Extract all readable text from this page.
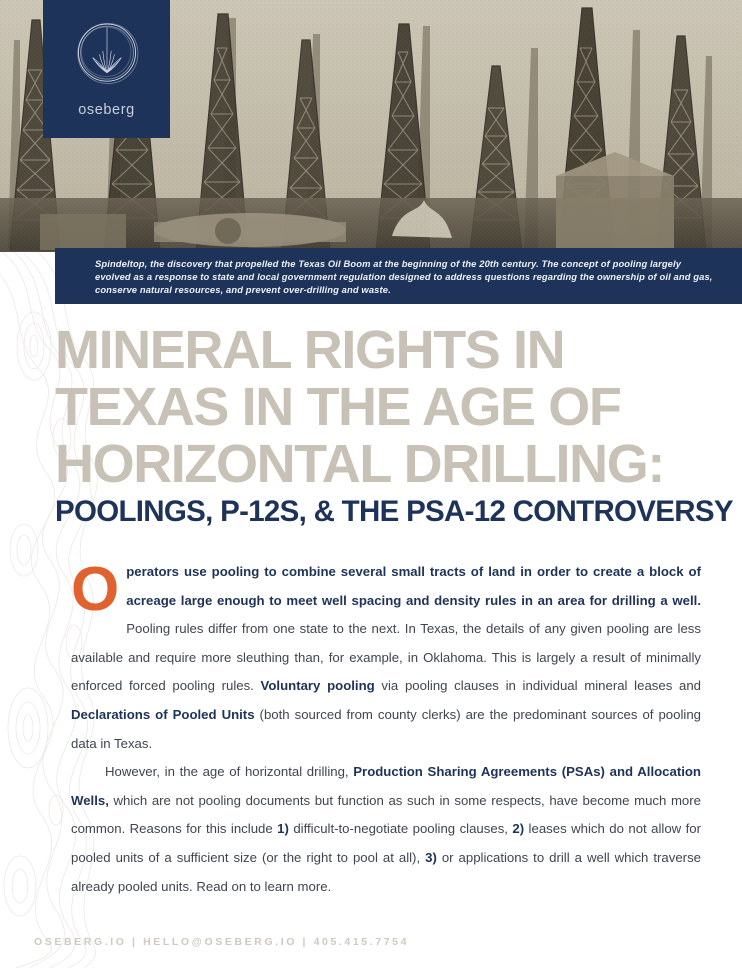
oseberg
Spindeltop, the discovery that propelled the Texas Oil Boom at the beginning of the 20th century. The concept of pooling largely evolved as a response to state and local government regulation designed to address questions regarding the ownership of oil and gas, conserve natural resources, and prevent over-drilling and waste.
MINERAL RIGHTS IN
TEXAS IN THE AGE OF
HORIZONTAL DRILLING:
POOLINGS, P-12S, & THE PSA-12 CONTROVERSY

Operators use pooling to combine several small tracts of land in order to create a block of acreage large enough to meet well spacing and density rules in an area for drilling a well. Pooling rules differ from one state to the next. In Texas, the details of any given pooling are less available and require more sleuthing than, for example, in Oklahoma. This is largely a result of minimally enforced forced pooling rules. Voluntary pooling via pooling clauses in individual mineral leases and Declarations of Pooled Units (both sourced from county clerks) are the predominant sources of pooling data in Texas.

However, in the age of horizontal drilling, Production Sharing Agreements (PSAs) and Allocation Wells, which are not pooling documents but function as such in some respects, have become much more common. Reasons for this include 1) difficult-to-negotiate pooling clauses, 2) leases which do not allow for pooled units of a sufficient size (or the right to pool at all), 3) or applications to drill a well which traverse already pooled units. Read on to learn more.

OSEBERG.IO | HELLO@OSEBERG.IO | 405.415.7754
